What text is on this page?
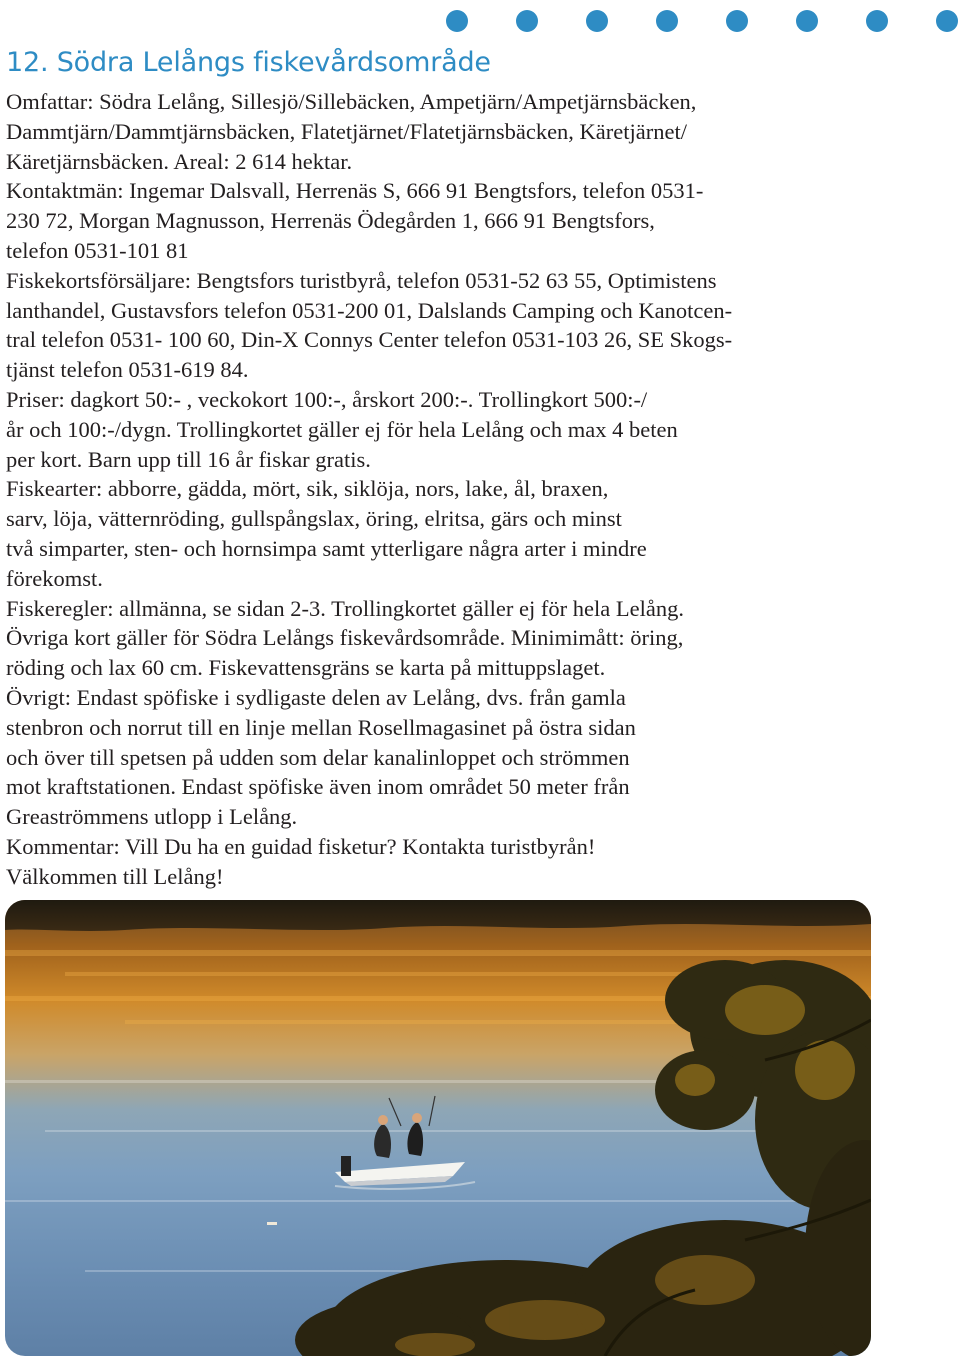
12. Södra Lelångs fiskevårdsområde
Omfattar: Södra Lelång, Sillesjö/Sillebäcken, Ampetjärn/Ampetjärnsbäcken,
Dammtjärn/Dammtjärnsbäcken, Flatetjärnet/Flatetjärnsbäcken, Käretjärnet/
Käretjärnsbäcken. Areal: 2 614 hektar.
Kontaktmän: Ingemar Dalsvall, Herrenäs S, 666 91 Bengtsfors, telefon 0531-
230 72, Morgan Magnusson, Herrenäs Ödegården 1, 666 91 Bengtsfors,
telefon 0531-101 81
Fiskekortsförsäljare: Bengtsfors turistbyrå, telefon 0531-52 63 55, Optimistens
lanthandel, Gustavsfors telefon 0531-200 01, Dalslands Camping och Kanotcen-
tral telefon 0531- 100 60, Din-X Connys Center telefon 0531-103 26, SE Skogs-
tjänst telefon 0531-619 84.
Priser: dagkort 50:- , veckokort 100:-, årskort 200:-. Trollingkort 500:-/
år och 100:-/dygn. Trollingkortet gäller ej för hela Lelång och max 4 beten
per kort. Barn upp till 16 år fiskar gratis.
Fiskearter: abborre, gädda, mört, sik, siklöja, nors, lake, ål, braxen,
sarv, löja, vätternröding, gullspångslax, öring, elritsa, gärs och minst
två simparter, sten- och hornsimpa samt ytterligare några arter i mindre
förekomst.
Fiskeregler: allmänna, se sidan 2-3. Trollingkortet gäller ej för hela Lelång.
Övriga kort gäller för Södra Lelångs fiskevårdsområde. Minimimått: öring,
röding och lax 60 cm. Fiskevattensgräns se karta på mittuppslaget.
Övrigt: Endast spöfiske i sydligaste delen av Lelång, dvs. från gamla
stenbron och norrut till en linje mellan Rosellmagasinet på östra sidan
och över till spetsen på udden som delar kanalinloppet och strömmen
mot kraftstationen. Endast spöfiske även inom området 50 meter från
Greaströmmens utlopp i Lelång.
Kommentar: Vill Du ha en guidad fisketur? Kontakta turistbyrån!
Välkommen till Lelång!
